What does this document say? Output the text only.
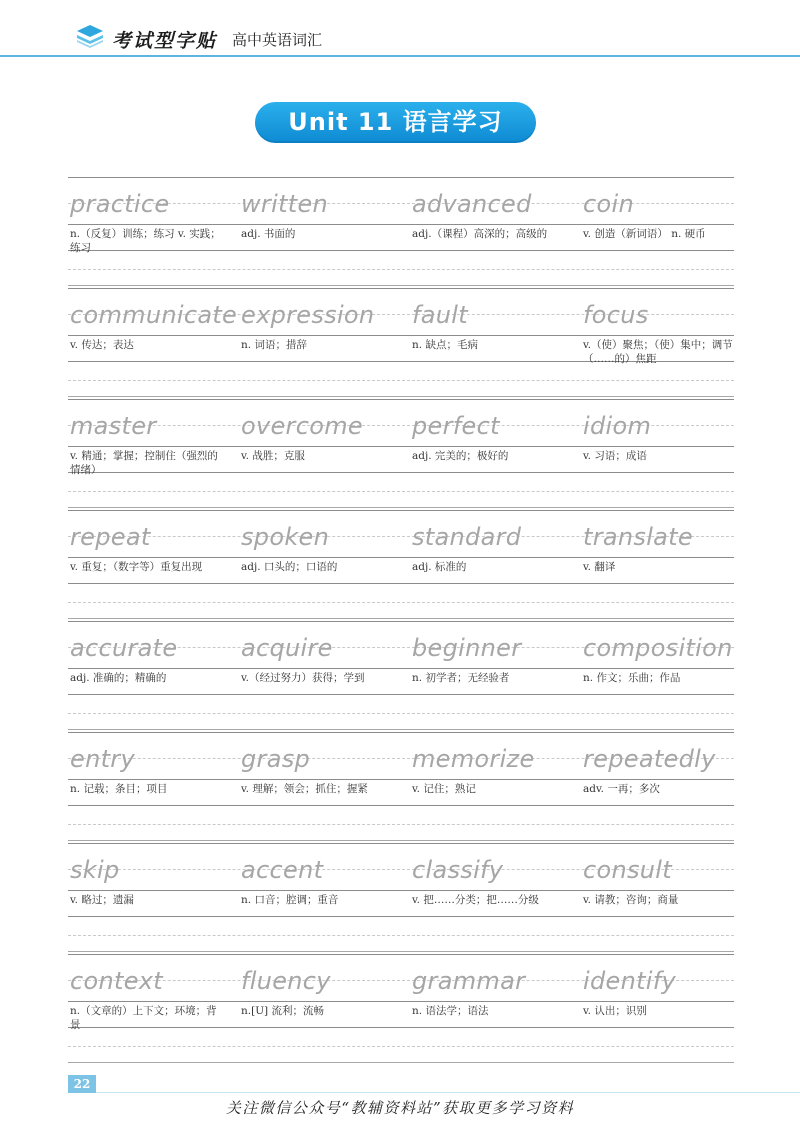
考试型字贴 高中英语词汇
Unit 11 语言学习
practice
n.（反复）训练；练习 v. 实践；练习
written
adj. 书面的
advanced
adj.（课程）高深的；高级的
coin
v. 创造（新词语） n. 硬币
communicate
v. 传达；表达
expression
n. 词语；措辞
fault
n. 缺点；毛病
focus
v.（使）聚焦；（使）集中；调节（……的）焦距
master
v. 精通；掌握；控制住（强烈的情绪）
overcome
v. 战胜；克服
perfect
adj. 完美的；极好的
idiom
v. 习语；成语
repeat
v. 重复；（数字等）重复出现
spoken
adj. 口头的；口语的
standard
adj. 标准的
translate
v. 翻译
accurate
adj. 准确的；精确的
acquire
v.（经过努力）获得；学到
beginner
n. 初学者；无经验者
composition
n. 作文；乐曲；作品
entry
n. 记载；条目；项目
grasp
v. 理解；领会；抓住；握紧
memorize
v. 记住；熟记
repeatedly
adv. 一再；多次
skip
v. 略过；遗漏
accent
n. 口音；腔调；重音
classify
v. 把……分类；把……分级
consult
v. 请教；咨询；商量
context
n.（文章的）上下文；环境；背景
fluency
n.[U] 流利；流畅
grammar
n. 语法学；语法
identify
v. 认出；识别
22
关注微信公众号“教辅资料站”获取更多学习资料
